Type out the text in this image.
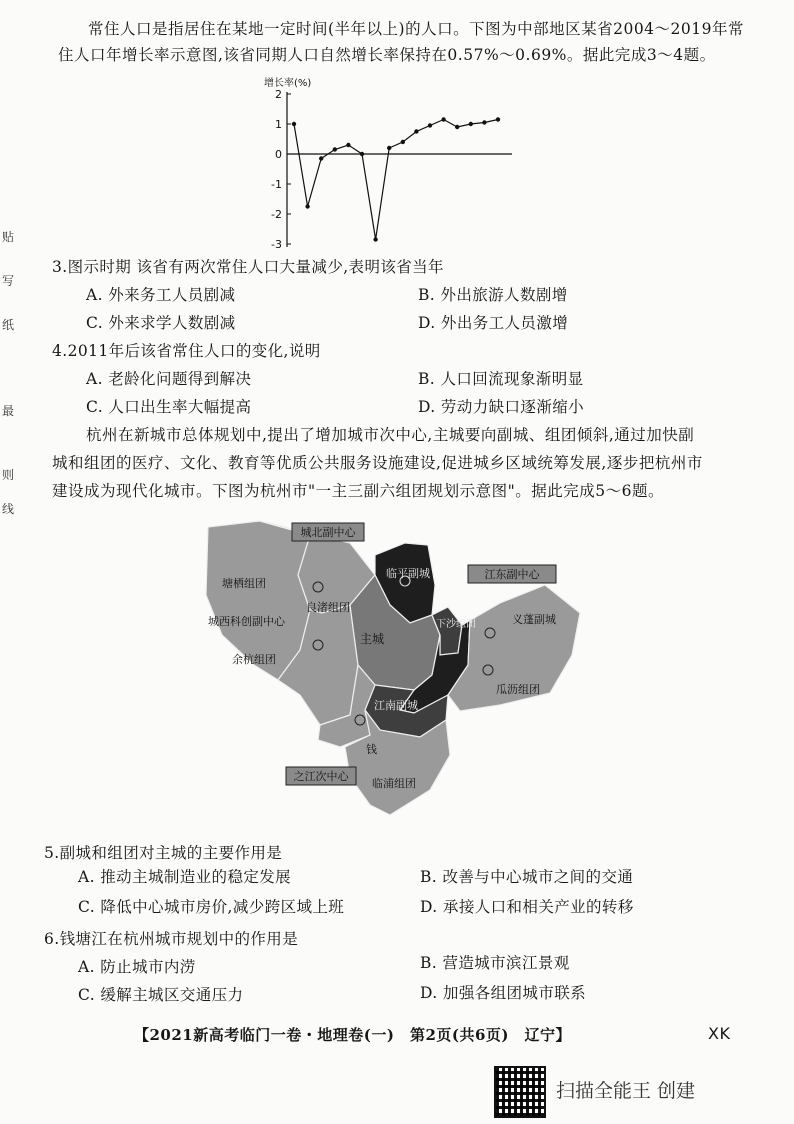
贴
写
纸
最
则
线
常住人口是指居住在某地一定时间(半年以上)的人口。下图为中部地区某省2004～2019年常
住人口年增长率示意图,该省同期人口自然增长率保持在0.57%～0.69%。据此完成3～4题。
增长率(%)
2
1
0
-1
-2
-3
3.图示时期 该省有两次常住人口大量减少,表明该省当年
A. 外来务工人员剧减	B. 外出旅游人数剧增
C. 外来求学人数剧减	D. 外出务工人员激增
4.2011年后该省常住人口的变化,说明
A. 老龄化问题得到解决	B. 人口回流现象渐明显
C. 人口出生率大幅提高	D. 劳动力缺口逐渐缩小
杭州在新城市总体规划中,提出了增加城市次中心,主城要向副城、组团倾斜,通过加快副
城和组团的医疗、文化、教育等优质公共服务设施建设,促进城乡区域统筹发展,逐步把杭州市
建设成为现代化城市。下图为杭州市"一主三副六组团规划示意图"。据此完成5～6题。
城北副中心
江东副中心
之江次中心
塘栖组团
临平副城
良渚组团
城西科创副中心
主城
下沙组团
余杭组团
江南副城
义蓬副城
瓜沥组团
钱
临浦组团
5.副城和组团对主城的主要作用是
A. 推动主城制造业的稳定发展	B. 改善与中心城市之间的交通
C. 降低中心城市房价,减少跨区域上班	D. 承接人口和相关产业的转移
6.钱塘江在杭州城市规划中的作用是
A. 防止城市内涝	B. 营造城市滨江景观
C. 缓解主城区交通压力	D. 加强各组团城市联系
【2021新高考临门一卷・地理卷(一)　第2页(共6页)　辽宁】	XK
扫描全能王 创建
